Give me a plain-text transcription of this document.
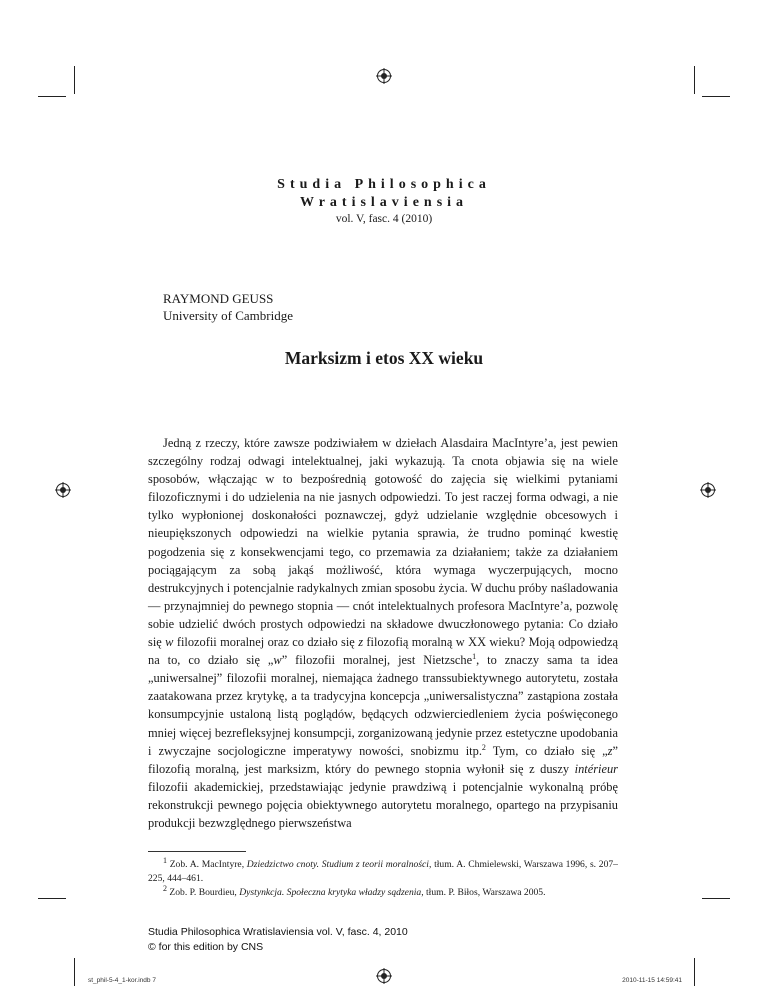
Studia Philosophica
Wratislaviensia
vol. V, fasc. 4 (2010)
RAYMOND GEUSS
University of Cambridge
Marksizm i etos XX wieku

Jedną z rzeczy, które zawsze podziwiałem w dziełach Alasdaira MacIntyre’a, jest pewien szczególny rodzaj odwagi intelektualnej, jaki wykazują. Ta cnota objawia się na wiele sposobów, włączając w to bezpośrednią gotowość do zajęcia się wielkimi pytaniami filozoficznymi i do udzielenia na nie jasnych odpowiedzi. To jest raczej forma odwagi, a nie tylko wypłonionej doskonałości poznawczej, gdyż udzielanie względnie obcesowych i nieupiększonych odpowiedzi na wielkie pytania sprawia, że trudno pominąć kwestię pogodzenia się z konsekwencjami tego, co przemawia za działaniem; także za działaniem pociągającym za sobą jakąś możliwość, która wymaga wyczerpujących, mocno destrukcyjnych i potencjalnie radykalnych zmian sposobu życia. W duchu próby naśladowania — przynajmniej do pewnego stopnia — cnót intelektualnych profesora MacIntyre’a, pozwolę sobie udzielić dwóch prostych odpowiedzi na składowe dwuczłonowego pytania: Co działo się w filozofii moralnej oraz co działo się z filozofią moralną w XX wieku? Moją odpowiedzą na to, co działo się „w” filozofii moralnej, jest Nietzsche$^1$, to znaczy sama ta idea „uniwersalnej” filozofii moralnej, niemająca żadnego transsubiektywnego autorytetu, została zaatakowana przez krytykę, a ta tradycyjna koncepcja „uniwersalistyczna” zastąpiona została konsumpcyjnie ustaloną listą poglądów, będących odzwierciedleniem życia poświęconego mniej więcej bezrefleksyjnej konsumpcji, zorganizowaną jedynie przez estetyczne upodobania i zwyczajne socjologiczne imperatywy nowości, snobizmu itp.$^2$ Tym, co działo się „z” filozofią moralną, jest marksizm, który do pewnego stopnia wyłonił się z duszy intérieur filozofii akademickiej, przedstawiając jedynie prawdziwą i potencjalnie wykonalną próbę rekonstrukcji pewnego pojęcia obiektywnego autorytetu moralnego, opartego na przypisaniu produkcji bezwzględnego pierwszeństwa

$^1$ Zob. A. MacIntyre, Dziedzictwo cnoty. Studium z teorii moralności, tłum. A. Chmielewski, Warszawa 1996, s. 207–225, 444–461.

$^2$ Zob. P. Bourdieu, Dystynkcja. Społeczna krytyka władzy sądzenia, tłum. P. Biłos, Warszawa 2005.

Studia Philosophica Wratislaviensia vol. V, fasc. 4, 2010
© for this edition by CNS
st_phil-5-4_1-kor.indb 7	2010-11-15 14:59:41
